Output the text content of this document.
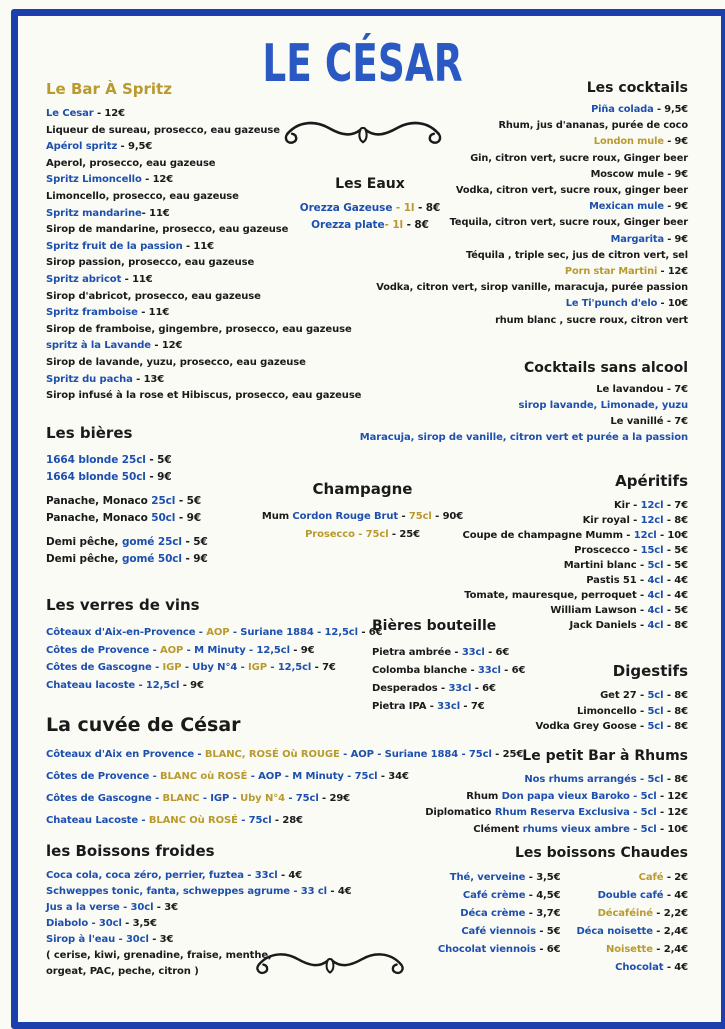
LE CÉSAR
Le Bar À Spritz
Le Cesar - 12€
Liqueur de sureau, prosecco, eau gazeuse
Apérol spritz - 9,5€
Aperol, prosecco, eau gazeuse
Spritz Limoncello - 12€
Limoncello, prosecco, eau gazeuse
Spritz mandarine- 11€
Sirop de mandarine, prosecco, eau gazeuse
Spritz fruit de la passion - 11€
Sirop passion, prosecco, eau gazeuse
Spritz abricot - 11€
Sirop d'abricot, prosecco, eau gazeuse
Spritz framboise - 11€
Sirop de framboise, gingembre, prosecco, eau gazeuse
spritz à la Lavande - 12€
Sirop de lavande, yuzu, prosecco, eau gazeuse
Spritz du pacha - 13€
Sirop infusé à la rose et Hibiscus, prosecco, eau gazeuse
Les bières
1664 blonde 25cl - 5€
1664 blonde 50cl - 9€
Panache, Monaco 25cl - 5€
Panache, Monaco 50cl - 9€
Demi pêche, gomé 25cl - 5€
Demi pêche, gomé 50cl - 9€
Les verres de vins
Côteaux d'Aix-en-Provence - AOP - Suriane 1884 - 12,5cl - 6€
Côtes de Provence - AOP - M Minuty - 12,5cl - 9€
Côtes de Gascogne - IGP - Uby N°4 - IGP - 12,5cl - 7€
Chateau lacoste - 12,5cl - 9€
La cuvée de César
Côteaux d'Aix en Provence - BLANC, ROSÉ Où ROUGE - AOP - Suriane 1884 - 75cl - 25€
Côtes de Provence - BLANC où ROSÉ - AOP - M Minuty - 75cl - 34€
Côtes de Gascogne - BLANC - IGP - Uby N°4 - 75cl - 29€
Chateau Lacoste - BLANC Où ROSÉ - 75cl - 28€
les Boissons froides
Coca cola, coca zéro, perrier, fuztea - 33cl - 4€
Schweppes tonic, fanta, schweppes agrume - 33 cl - 4€
Jus a la verse - 30cl - 3€
Diabolo - 30cl - 3,5€
Sirop à l'eau - 30cl - 3€
( cerise, kiwi, grenadine, fraise, menthe,
orgeat, PAC, peche, citron )
Les Eaux
Orezza Gazeuse - 1l - 8€
Orezza plate- 1l - 8€
Champagne
Mum Cordon Rouge Brut - 75cl - 90€
Prosecco - 75cl - 25€
Bières bouteille
Pietra ambrée - 33cl - 6€
Colomba blanche - 33cl - 6€
Desperados - 33cl - 6€
Pietra IPA - 33cl - 7€
Les cocktails
Piña colada - 9,5€
Rhum, jus d'ananas, purée de coco
London mule - 9€
Gin, citron vert, sucre roux, Ginger beer
Moscow mule - 9€
Vodka, citron vert, sucre roux, ginger beer
Mexican mule - 9€
Tequila, citron vert, sucre roux, Ginger beer
Margarita - 9€
Téquila , triple sec, jus de citron vert, sel
Porn star Martini - 12€
Vodka, citron vert, sirop vanille, maracuja, purée passion
Le Ti'punch d'elo - 10€
rhum blanc , sucre roux, citron vert
Cocktails sans alcool
Le lavandou - 7€
sirop lavande, Limonade, yuzu
Le vanillé - 7€
Maracuja, sirop de vanille, citron vert et purée a la passion
Apéritifs
Kir - 12cl - 7€
Kir royal - 12cl - 8€
Coupe de champagne Mumm - 12cl - 10€
Proscecco - 15cl - 5€
Martini blanc - 5cl - 5€
Pastis 51 - 4cl - 4€
Tomate, mauresque, perroquet - 4cl - 4€
William Lawson - 4cl - 5€
Jack Daniels - 4cl - 8€
Digestifs
Get 27 - 5cl - 8€
Limoncello - 5cl - 8€
Vodka Grey Goose - 5cl - 8€
Le petit Bar à Rhums
Nos rhums arrangés - 5cl - 8€
Rhum Don papa vieux Baroko - 5cl - 12€
Diplomatico Rhum Reserva Exclusiva - 5cl - 12€
Clément rhums vieux ambre - 5cl - 10€
Les boissons Chaudes
Thé, verveine - 3,5€
Café crème - 4,5€
Déca crème - 3,7€
Café viennois - 5€
Chocolat viennois - 6€
Café - 2€
Double café - 4€
Décaféiné - 2,2€
Déca noisette - 2,4€
Noisette - 2,4€
Chocolat - 4€
